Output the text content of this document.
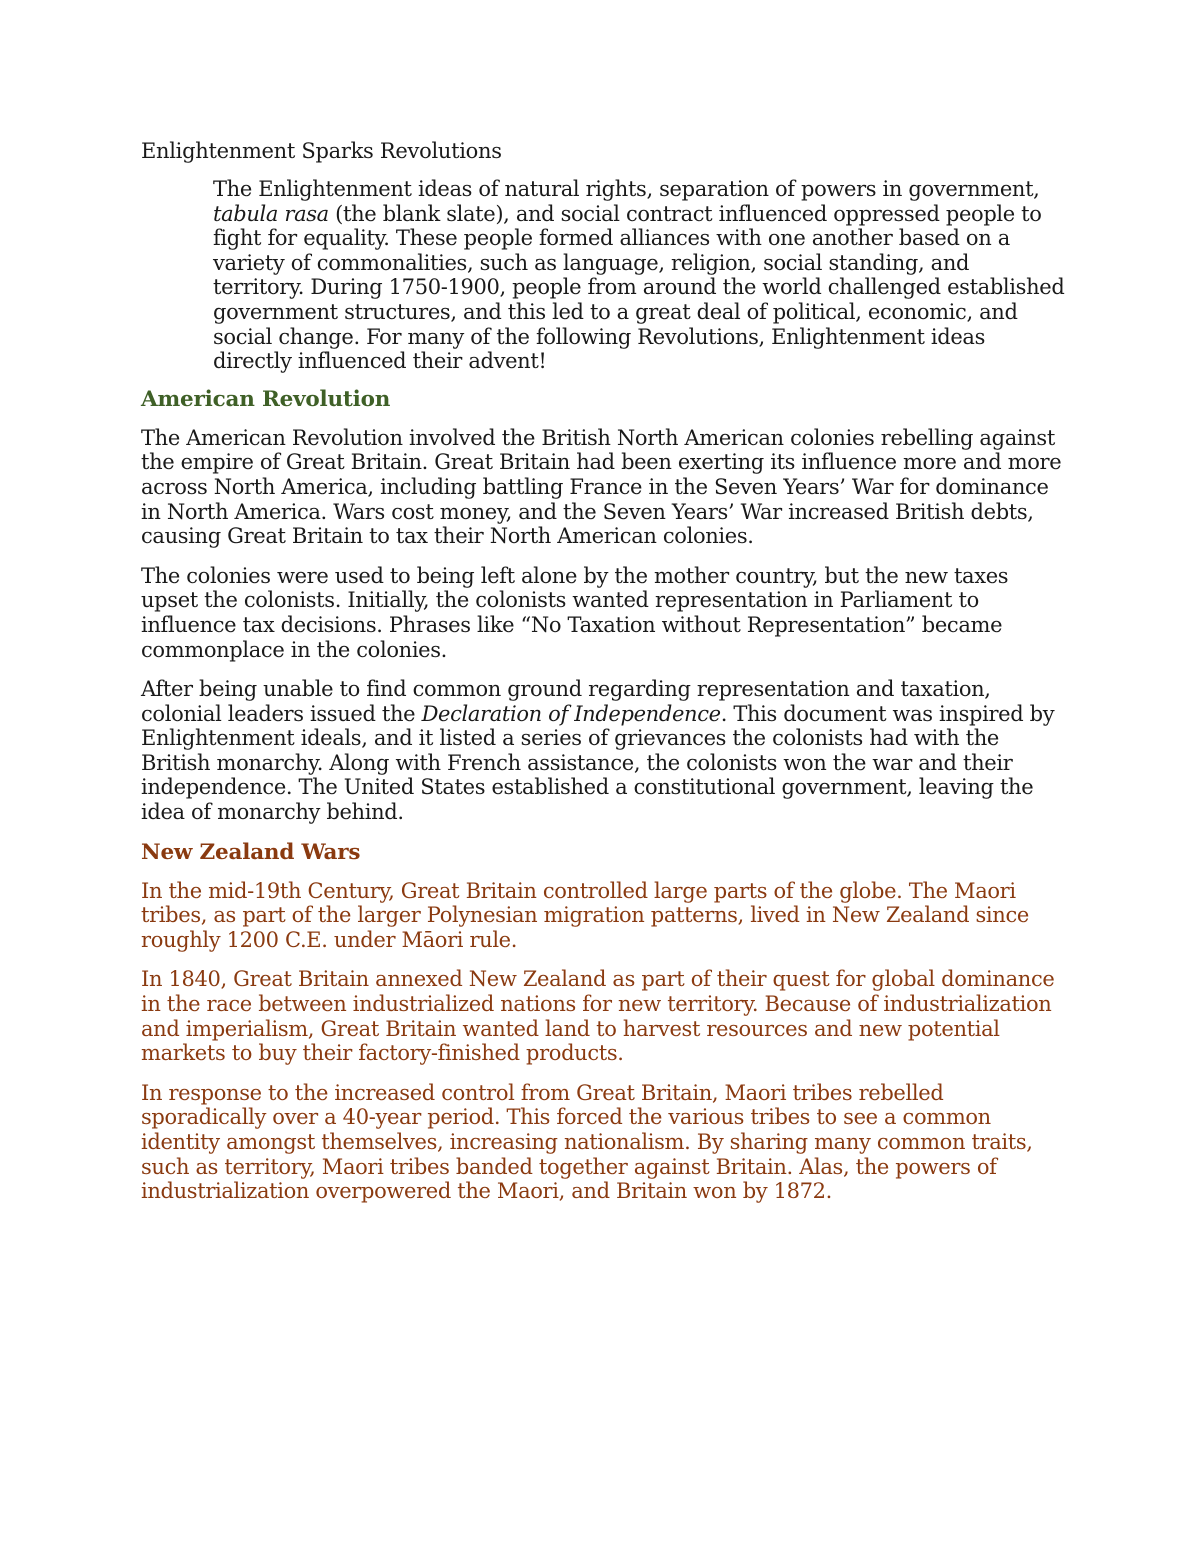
Enlightenment Sparks Revolutions

The Enlightenment ideas of natural rights, separation of powers in government, tabula rasa (the blank slate), and social contract influenced oppressed people to fight for equality. These people formed alliances with one another based on a variety of commonalities, such as language, religion, social standing, and territory. During 1750-1900, people from around the world challenged established government structures, and this led to a great deal of political, economic, and social change. For many of the following Revolutions, Enlightenment ideas directly influenced their advent!

American Revolution

The American Revolution involved the British North American colonies rebelling against the empire of Great Britain. Great Britain had been exerting its influence more and more across North America, including battling France in the Seven Years’ War for dominance in North America. Wars cost money, and the Seven Years’ War increased British debts, causing Great Britain to tax their North American colonies.

The colonies were used to being left alone by the mother country, but the new taxes upset the colonists. Initially, the colonists wanted representation in Parliament to influence tax decisions. Phrases like “No Taxation without Representation” became commonplace in the colonies.

After being unable to find common ground regarding representation and taxation, colonial leaders issued the Declaration of Independence. This document was inspired by Enlightenment ideals, and it listed a series of grievances the colonists had with the British monarchy. Along with French assistance, the colonists won the war and their independence. The United States established a constitutional government, leaving the idea of monarchy behind.

New Zealand Wars

In the mid-19th Century, Great Britain controlled large parts of the globe. The Maori tribes, as part of the larger Polynesian migration patterns, lived in New Zealand since roughly 1200 C.E. under Māori rule.

In 1840, Great Britain annexed New Zealand as part of their quest for global dominance in the race between industrialized nations for new territory. Because of industrialization and imperialism, Great Britain wanted land to harvest resources and new potential markets to buy their factory-finished products.

In response to the increased control from Great Britain, Maori tribes rebelled sporadically over a 40-year period. This forced the various tribes to see a common identity amongst themselves, increasing nationalism. By sharing many common traits, such as territory, Maori tribes banded together against Britain. Alas, the powers of industrialization overpowered the Maori, and Britain won by 1872.
